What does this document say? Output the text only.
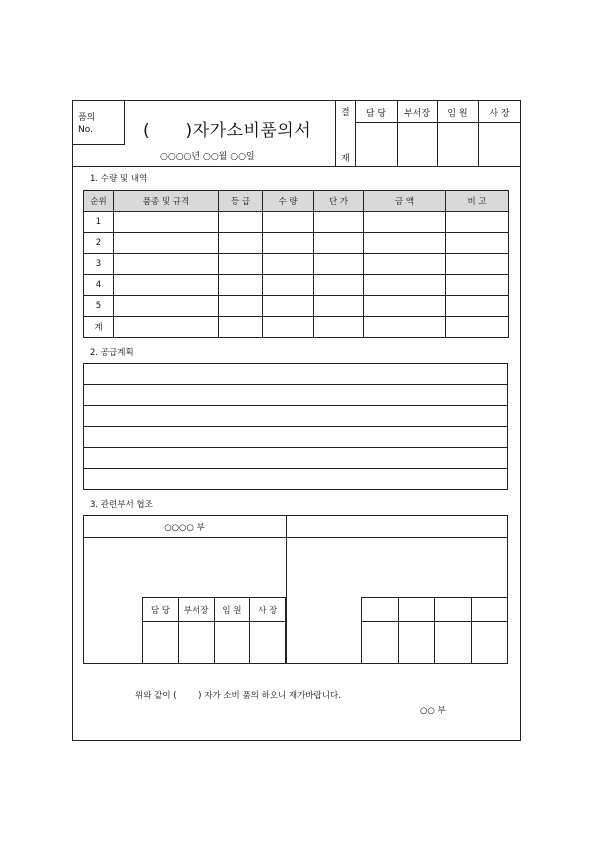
품의
No.	(      )자가소비품의서
○○○○년 ○○월 ○○일
결
재
담 당	부서장	임 원	사 장
1. 수량 및 내역
순위	품종 및 규격	등 급	수 량	단 가	금 액	비 고
1						
2						
3						
4						
5						
계						
2. 공급계획

3. 관련부서 협조
○○○○ 부
담 당	부서장	임 원	사 장

위와 같이 (        ) 자가 소비 품의 하오니 재가바랍니다.
○○ 부
